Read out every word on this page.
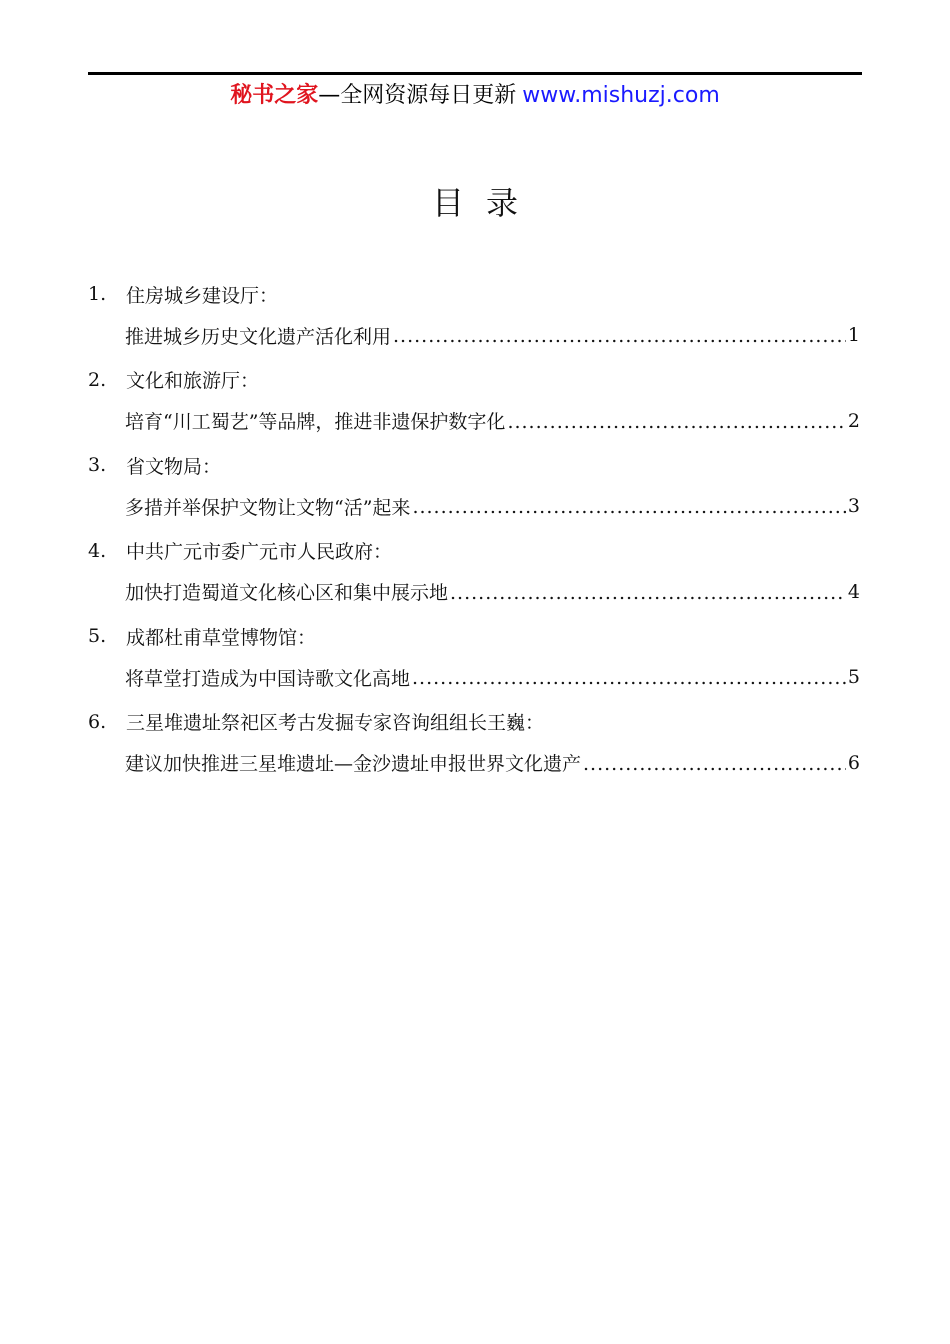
秘书之家—全网资源每日更新 www.mishuzj.com
目录
1.	住房城乡建设厅：
推进城乡历史文化遗产活化利用 .....	1
2.	文化和旅游厅：
培育“川工蜀艺”等品牌，推进非遗保护数字化 .....	2
3.	省文物局：
多措并举保护文物让文物“活”起来 .....	3
4.	中共广元市委广元市人民政府：
加快打造蜀道文化核心区和集中展示地 .....	4
5.	成都杜甫草堂博物馆：
将草堂打造成为中国诗歌文化高地 .....	5
6.	三星堆遗址祭祀区考古发掘专家咨询组组长王巍：
建议加快推进三星堆遗址—金沙遗址申报世界文化遗产 .....	6
